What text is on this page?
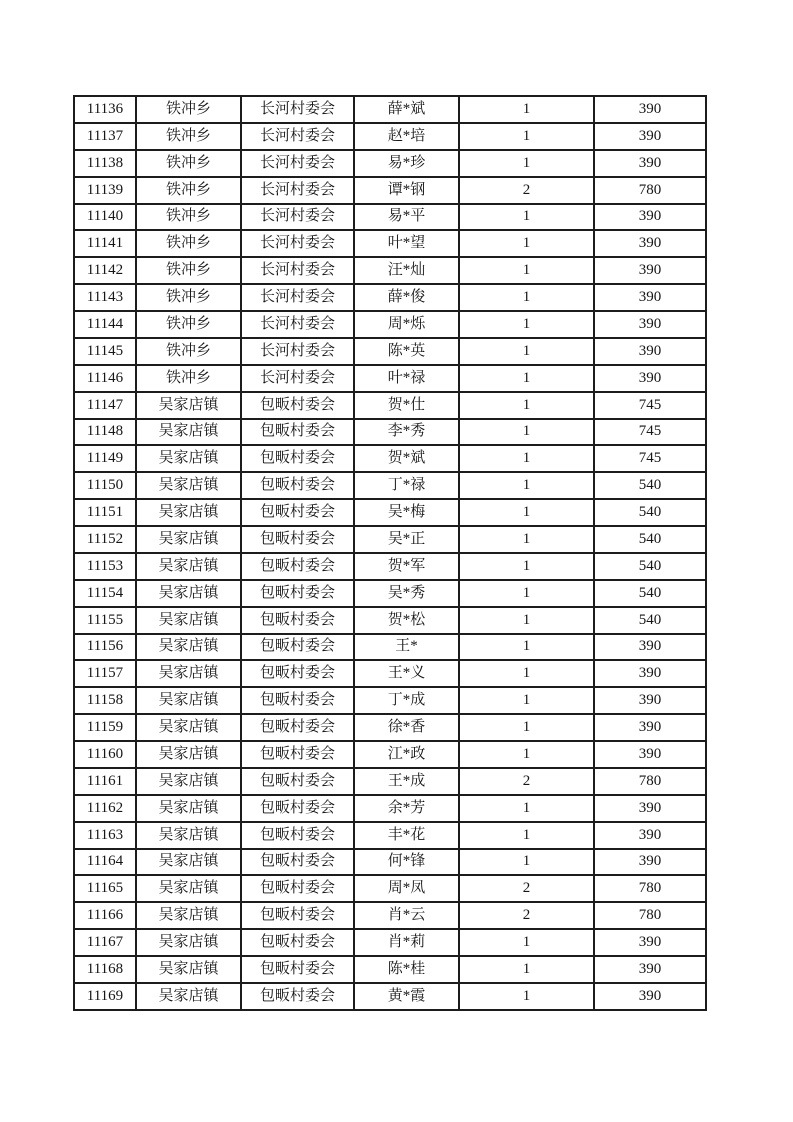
11136	铁冲乡	长河村委会	薛*斌	1	390
11137	铁冲乡	长河村委会	赵*培	1	390
11138	铁冲乡	长河村委会	易*珍	1	390
11139	铁冲乡	长河村委会	谭*钢	2	780
11140	铁冲乡	长河村委会	易*平	1	390
11141	铁冲乡	长河村委会	叶*望	1	390
11142	铁冲乡	长河村委会	汪*灿	1	390
11143	铁冲乡	长河村委会	薛*俊	1	390
11144	铁冲乡	长河村委会	周*烁	1	390
11145	铁冲乡	长河村委会	陈*英	1	390
11146	铁冲乡	长河村委会	叶*禄	1	390
11147	吴家店镇	包畈村委会	贺*仕	1	745
11148	吴家店镇	包畈村委会	李*秀	1	745
11149	吴家店镇	包畈村委会	贺*斌	1	745
11150	吴家店镇	包畈村委会	丁*禄	1	540
11151	吴家店镇	包畈村委会	吴*梅	1	540
11152	吴家店镇	包畈村委会	吴*正	1	540
11153	吴家店镇	包畈村委会	贺*军	1	540
11154	吴家店镇	包畈村委会	吴*秀	1	540
11155	吴家店镇	包畈村委会	贺*松	1	540
11156	吴家店镇	包畈村委会	王*	1	390
11157	吴家店镇	包畈村委会	王*义	1	390
11158	吴家店镇	包畈村委会	丁*成	1	390
11159	吴家店镇	包畈村委会	徐*香	1	390
11160	吴家店镇	包畈村委会	江*政	1	390
11161	吴家店镇	包畈村委会	王*成	2	780
11162	吴家店镇	包畈村委会	余*芳	1	390
11163	吴家店镇	包畈村委会	丰*花	1	390
11164	吴家店镇	包畈村委会	何*锋	1	390
11165	吴家店镇	包畈村委会	周*凤	2	780
11166	吴家店镇	包畈村委会	肖*云	2	780
11167	吴家店镇	包畈村委会	肖*莉	1	390
11168	吴家店镇	包畈村委会	陈*桂	1	390
11169	吴家店镇	包畈村委会	黄*霞	1	390
